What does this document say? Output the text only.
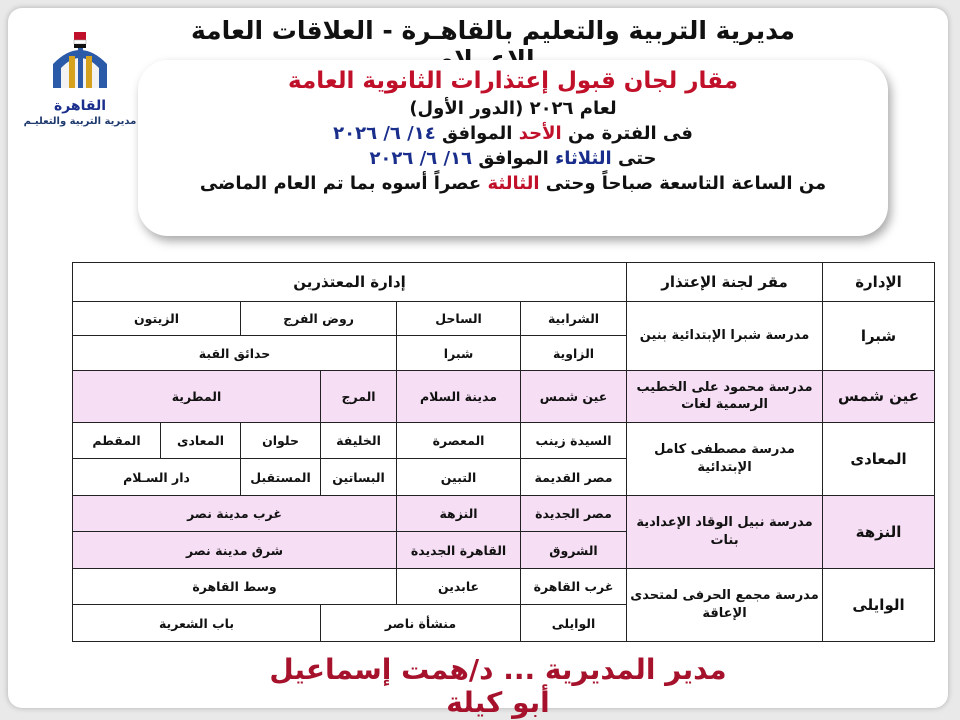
مديرية التربية والتعليم بالقاهـرة - العلاقات العامة
القاهرة
مديرية التربية والتعليـم
مقار لجان قبول إعتذارات الثانوية العامة
لعام ٢٠٢٦ (الدور الأول)
فى الفترة من الأحد الموافق ١٤/ ٦/ ٢٠٢٦
حتى الثلاثاء الموافق ١٦/ ٦/ ٢٠٢٦
من الساعة التاسعة صباحاً وحتى الثالثة عصراً أسوه بما تم العام الماضى
الإدارة	مقر لجنة الإعتذار	إدارة المعتذرين					
شبرا	مدرسة شبرا الإبتدائية بنين	الشرابية	الساحل	روض الفرج		الزيتون	
		الزاوية	شبرا	حدائق القبة			
عين شمس	مدرسة محمود على الخطيب الرسمية لغات	عين شمس	مدينة السلام	المرج	المطرية		
المعادى	مدرسة مصطفى كامل الإبتدائية	السيدة زينب	المعصرة	الخليفة	حلوان	المعادى	المقطم
		مصر القديمة	التبين	البساتين	المستقبل	دار السـلام	
النزهة	مدرسة نبيل الوقاد الإعدادية بنات	مصر الجديدة	النزهة	غرب مدينة نصر			
		الشروق	القاهرة الجديدة	شرق مدينة نصر			
الوايلى	مدرسة مجمع الحرفى لمتحدى الإعاقة	غرب القاهرة	عابدين	وسط القاهرة			
		الوايلى	منشأة ناصر		باب الشعرية		
مدير المديرية ... د/همت إسماعيل أبو كيلة
